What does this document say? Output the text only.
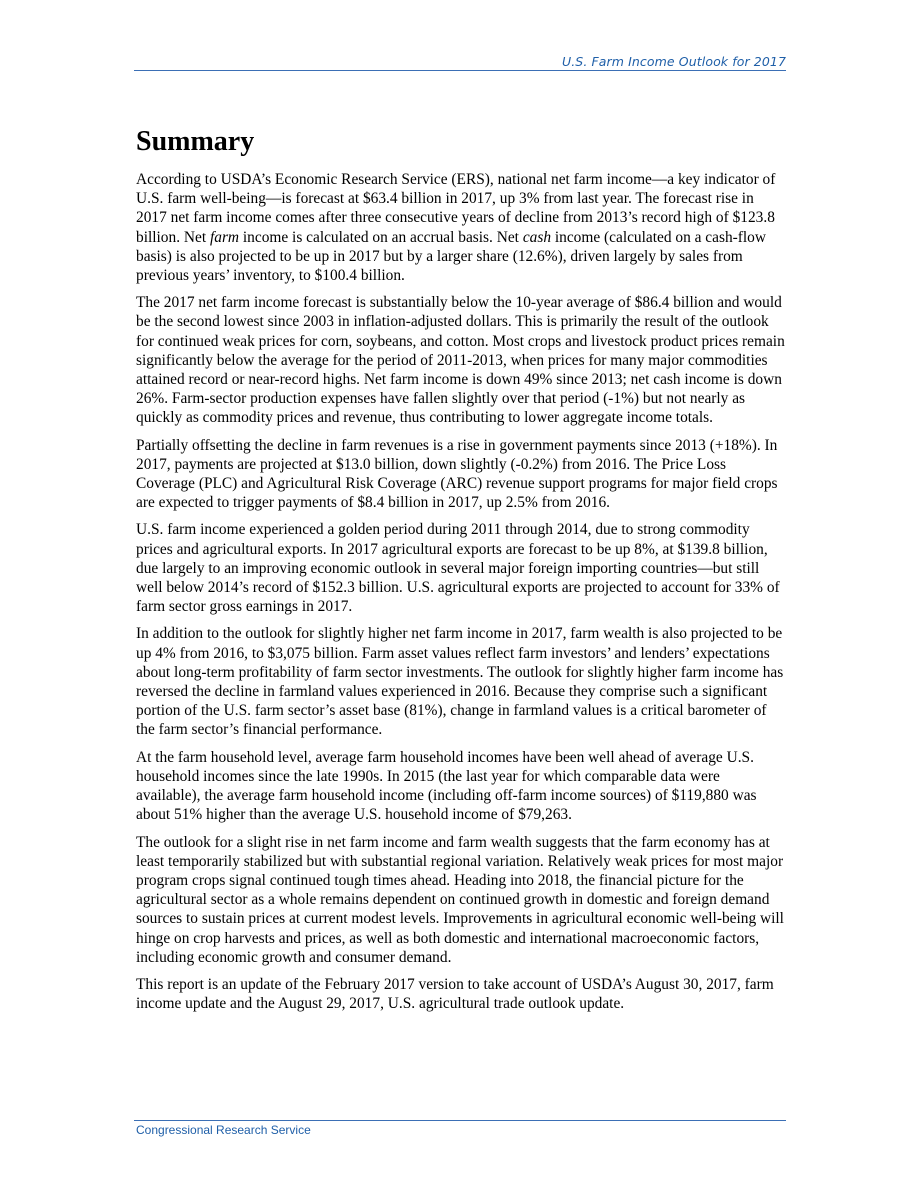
U.S. Farm Income Outlook for 2017
Summary

According to USDA’s Economic Research Service (ERS), national net farm income—a key indicator of U.S. farm well-being—is forecast at $63.4 billion in 2017, up 3% from last year. The forecast rise in 2017 net farm income comes after three consecutive years of decline from 2013’s record high of $123.8 billion. Net farm income is calculated on an accrual basis. Net cash income (calculated on a cash-flow basis) is also projected to be up in 2017 but by a larger share (12.6%), driven largely by sales from previous years’ inventory, to $100.4 billion.

The 2017 net farm income forecast is substantially below the 10-year average of $86.4 billion and would be the second lowest since 2003 in inflation-adjusted dollars. This is primarily the result of the outlook for continued weak prices for corn, soybeans, and cotton. Most crops and livestock product prices remain significantly below the average for the period of 2011-2013, when prices for many major commodities attained record or near-record highs. Net farm income is down 49% since 2013; net cash income is down 26%. Farm-sector production expenses have fallen slightly over that period (-1%) but not nearly as quickly as commodity prices and revenue, thus contributing to lower aggregate income totals.

Partially offsetting the decline in farm revenues is a rise in government payments since 2013 (+18%). In 2017, payments are projected at $13.0 billion, down slightly (-0.2%) from 2016. The Price Loss Coverage (PLC) and Agricultural Risk Coverage (ARC) revenue support programs for major field crops are expected to trigger payments of $8.4 billion in 2017, up 2.5% from 2016.

U.S. farm income experienced a golden period during 2011 through 2014, due to strong commodity prices and agricultural exports. In 2017 agricultural exports are forecast to be up 8%, at $139.8 billion, due largely to an improving economic outlook in several major foreign importing countries—but still well below 2014’s record of $152.3 billion. U.S. agricultural exports are projected to account for 33% of farm sector gross earnings in 2017.

In addition to the outlook for slightly higher net farm income in 2017, farm wealth is also projected to be up 4% from 2016, to $3,075 billion. Farm asset values reflect farm investors’ and lenders’ expectations about long-term profitability of farm sector investments. The outlook for slightly higher farm income has reversed the decline in farmland values experienced in 2016. Because they comprise such a significant portion of the U.S. farm sector’s asset base (81%), change in farmland values is a critical barometer of the farm sector’s financial performance.

At the farm household level, average farm household incomes have been well ahead of average U.S. household incomes since the late 1990s. In 2015 (the last year for which comparable data were available), the average farm household income (including off-farm income sources) of $119,880 was about 51% higher than the average U.S. household income of $79,263.

The outlook for a slight rise in net farm income and farm wealth suggests that the farm economy has at least temporarily stabilized but with substantial regional variation. Relatively weak prices for most major program crops signal continued tough times ahead. Heading into 2018, the financial picture for the agricultural sector as a whole remains dependent on continued growth in domestic and foreign demand sources to sustain prices at current modest levels. Improvements in agricultural economic well-being will hinge on crop harvests and prices, as well as both domestic and international macroeconomic factors, including economic growth and consumer demand.

This report is an update of the February 2017 version to take account of USDA’s August 30, 2017, farm income update and the August 29, 2017, U.S. agricultural trade outlook update.

Congressional Research Service
